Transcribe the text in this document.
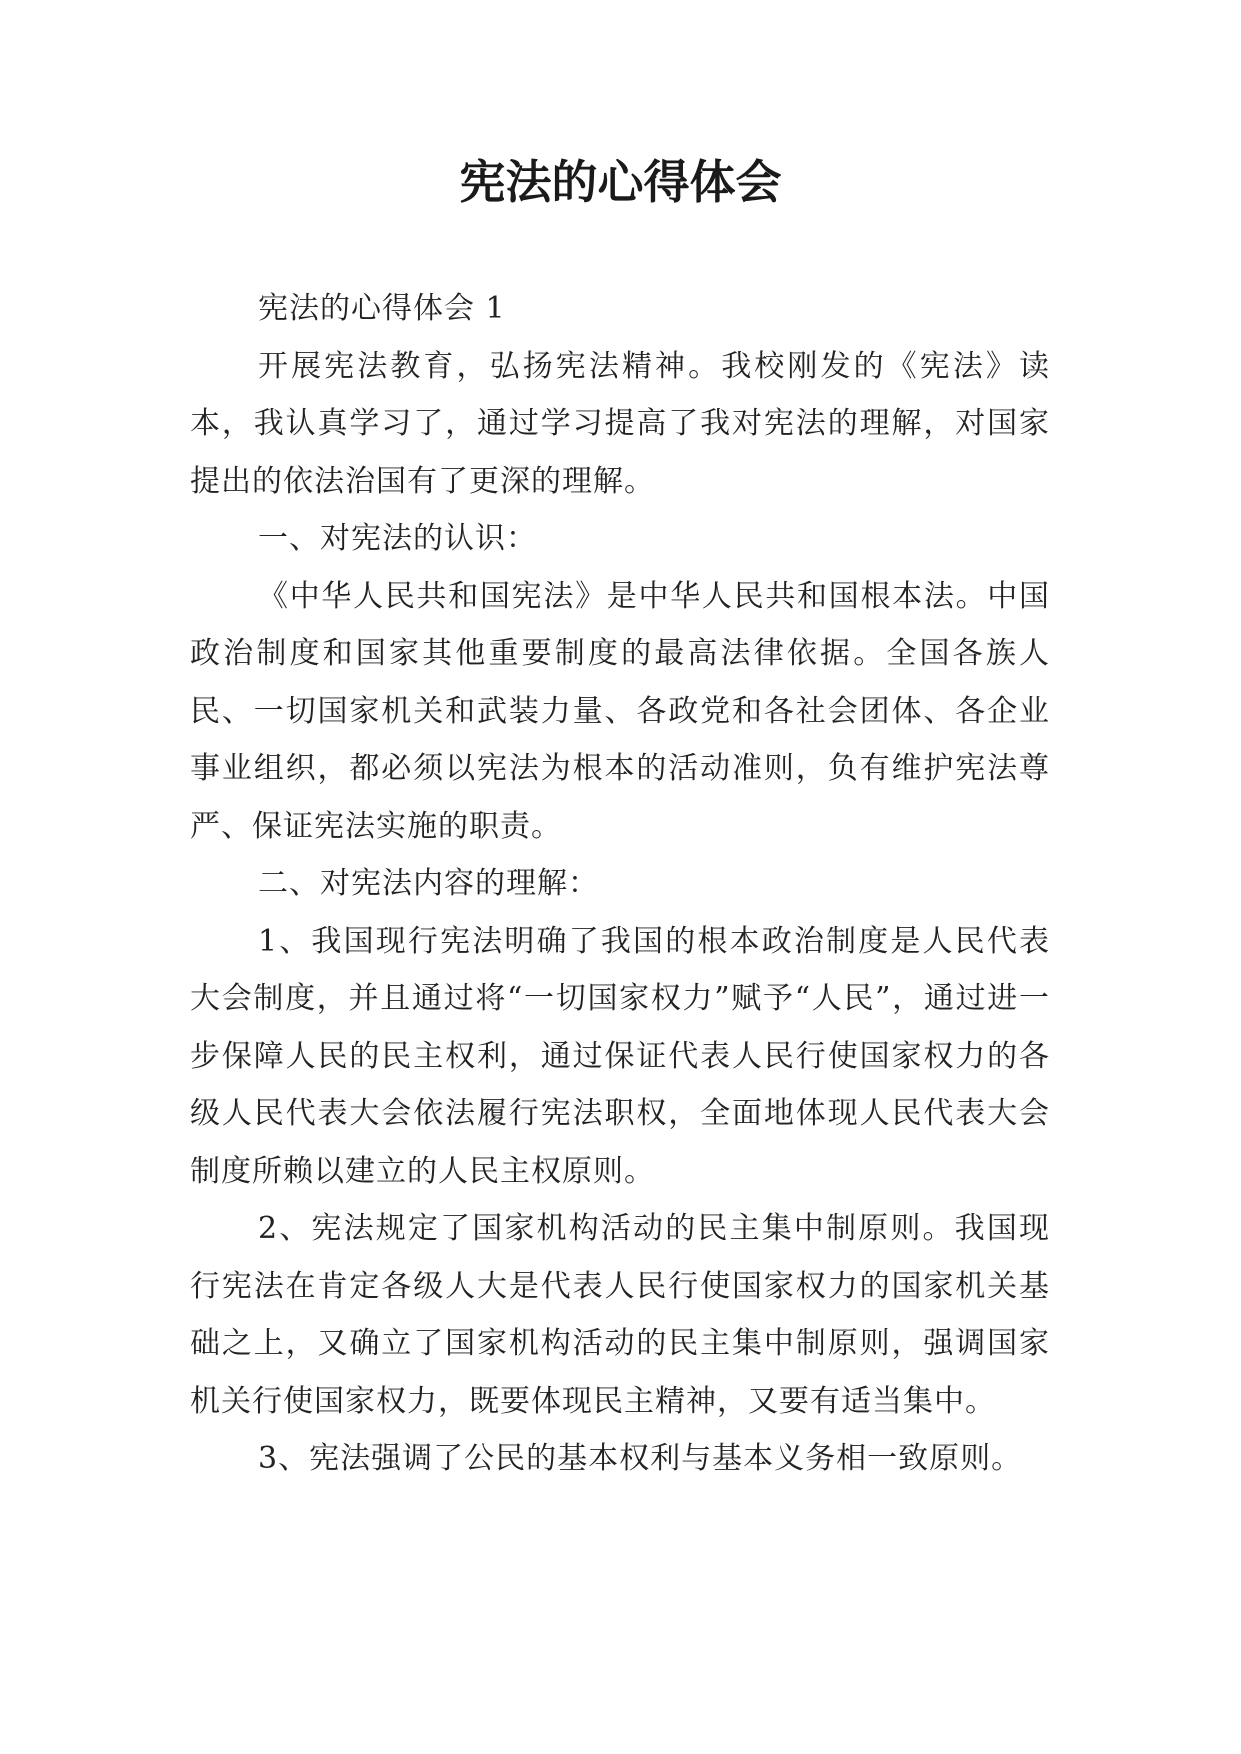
宪法的心得体会

宪法的心得体会 1

开展宪法教育，弘扬宪法精神。我校刚发的《宪法》读本，我认真学习了，通过学习提高了我对宪法的理解，对国家提出的依法治国有了更深的理解。

一、对宪法的认识：

《中华人民共和国宪法》是中华人民共和国根本法。中国政治制度和国家其他重要制度的最高法律依据。全国各族人民、一切国家机关和武装力量、各政党和各社会团体、各企业事业组织，都必须以宪法为根本的活动准则，负有维护宪法尊严、保证宪法实施的职责。

二、对宪法内容的理解：

1、我国现行宪法明确了我国的根本政治制度是人民代表大会制度，并且通过将“一切国家权力”赋予“人民”，通过进一步保障人民的民主权利，通过保证代表人民行使国家权力的各级人民代表大会依法履行宪法职权，全面地体现人民代表大会制度所赖以建立的人民主权原则。

2、宪法规定了国家机构活动的民主集中制原则。我国现行宪法在肯定各级人大是代表人民行使国家权力的国家机关基础之上，又确立了国家机构活动的民主集中制原则，强调国家机关行使国家权力，既要体现民主精神，又要有适当集中。

3、宪法强调了公民的基本权利与基本义务相一致原则。
